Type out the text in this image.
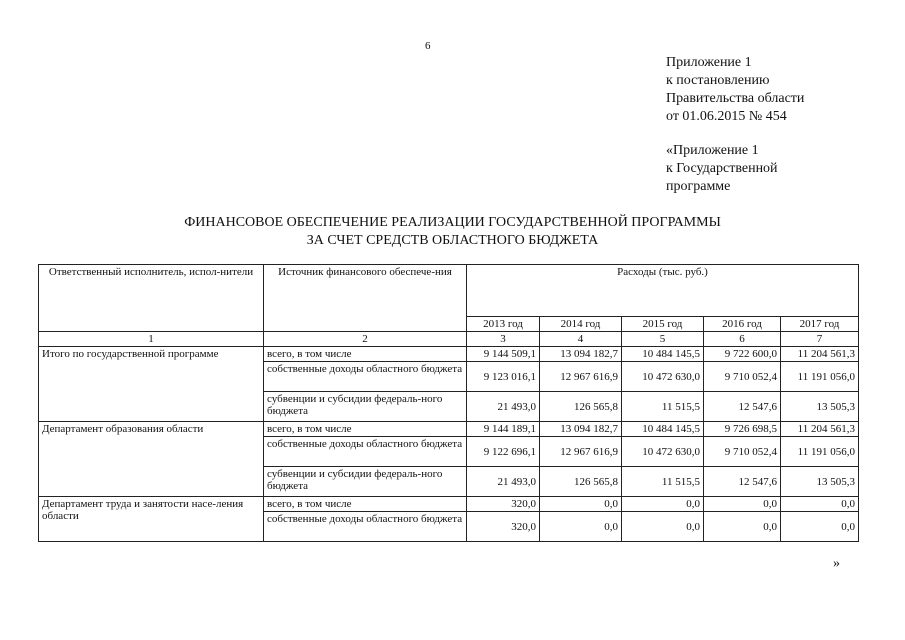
6
Приложение 1
к постановлению
Правительства области
от 01.06.2015 № 454
«Приложение 1
к Государственной
программе
ФИНАНСОВОЕ ОБЕСПЕЧЕНИЕ РЕАЛИЗАЦИИ ГОСУДАРСТВЕННОЙ ПРОГРАММЫ
ЗА СЧЕТ СРЕДСТВ ОБЛАСТНОГО БЮДЖЕТА
Ответственный исполнитель, испол-нители	Источник финансового обеспече-ния	Расходы (тыс. руб.)				
		2013 год	2014 год	2015 год	2016 год	2017 год
1	2	3	4	5	6	7
Итого по государственной программе	всего, в том числе	9 144 509,1	13 094 182,7	10 484 145,5	9 722 600,0	11 204 561,3
	собственные доходы областного бюджета	9 123 016,1	12 967 616,9	10 472 630,0	9 710 052,4	11 191 056,0
	субвенции и субсидии федераль-ного бюджета	21 493,0	126 565,8	11 515,5	12 547,6	13 505,3
Департамент образования области	всего, в том числе	9 144 189,1	13 094 182,7	10 484 145,5	9 726 698,5	11 204 561,3
	собственные доходы областного бюджета	9 122 696,1	12 967 616,9	10 472 630,0	9 710 052,4	11 191 056,0
	субвенции и субсидии федераль-ного бюджета	21 493,0	126 565,8	11 515,5	12 547,6	13 505,3
Департамент труда и занятости насе-ления области	всего, в том числе	320,0	0,0	0,0	0,0	0,0
	собственные доходы областного бюджета	320,0	0,0	0,0	0,0	0,0
»
